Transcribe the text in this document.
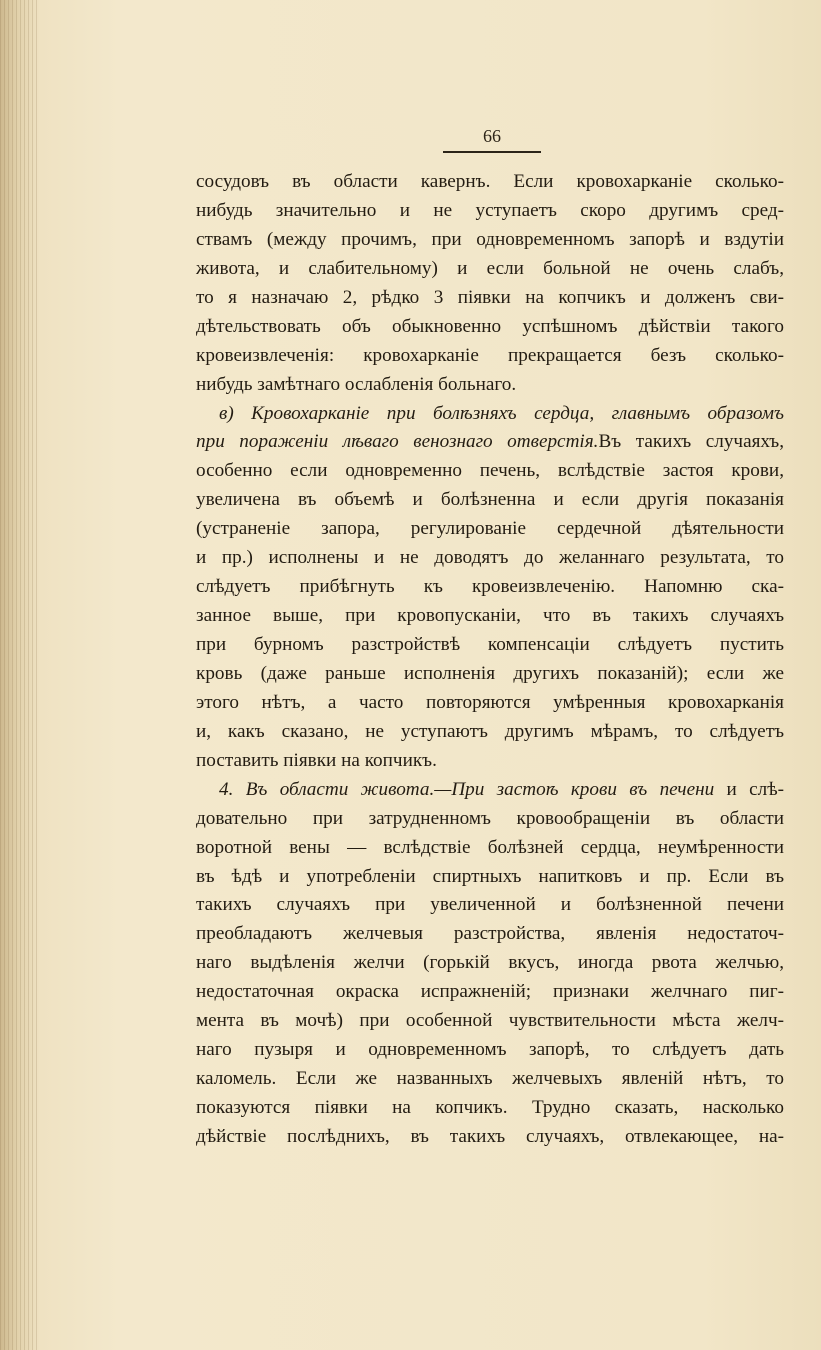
66
сосудовъ въ области кавернъ. Если кровохарканіе сколько-
нибудь значительно и не уступаетъ скоро другимъ сред-
ствамъ (между прочимъ, при одновременномъ запорѣ и вздутіи
живота, и слабительному) и если больной не очень слабъ,
то я назначаю 2, рѣдко 3 піявки на копчикъ и долженъ сви-
дѣтельствовать объ обыкновенно успѣшномъ дѣйствіи такого
кровеизвлеченія: кровохарканіе прекращается безъ сколько-
нибудь замѣтнаго ослабленія больнаго.
в) Кровохарканіе при болѣзняхъ сердца, главнымъ образомъ
при пораженіи лѣваго венознаго отверстія.Въ такихъ случаяхъ,
особенно если одновременно печень, вслѣдствіе застоя крови,
увеличена въ объемѣ и болѣзненна и если другія показанія
(устраненіе запора, регулированіе сердечной дѣятельности
и пр.) исполнены и не доводятъ до желаннаго результата, то
слѣдуетъ прибѣгнуть къ кровеизвлеченію. Напомню ска-
занное выше, при кровопусканіи, что въ такихъ случаяхъ
при бурномъ разстройствѣ компенсаціи слѣдуетъ пустить
кровь (даже раньше исполненія другихъ показаній); если же
этого нѣтъ, а часто повторяются умѣренныя кровохарканія
и, какъ сказано, не уступаютъ другимъ мѣрамъ, то слѣдуетъ
поставить піявки на копчикъ.
4. Въ области живота.—При застоѣ крови въ печени и слѣ-
довательно при затрудненномъ кровообращеніи въ области
воротной вены — вслѣдствіе болѣзней сердца, неумѣренности
въ ѣдѣ и употребленіи спиртныхъ напитковъ и пр. Если въ
такихъ случаяхъ при увеличенной и болѣзненной печени
преобладаютъ желчевыя разстройства, явленія недостаточ-
наго выдѣленія желчи (горькій вкусъ, иногда рвота желчью,
недостаточная окраска испражненій; признаки желчнаго пиг-
мента въ мочѣ) при особенной чувствительности мѣста желч-
наго пузыря и одновременномъ запорѣ, то слѣдуетъ дать
каломель. Если же названныхъ желчевыхъ явленій нѣтъ, то
показуются піявки на копчикъ. Трудно сказать, насколько
дѣйствіе послѣднихъ, въ такихъ случаяхъ, отвлекающее, на-
